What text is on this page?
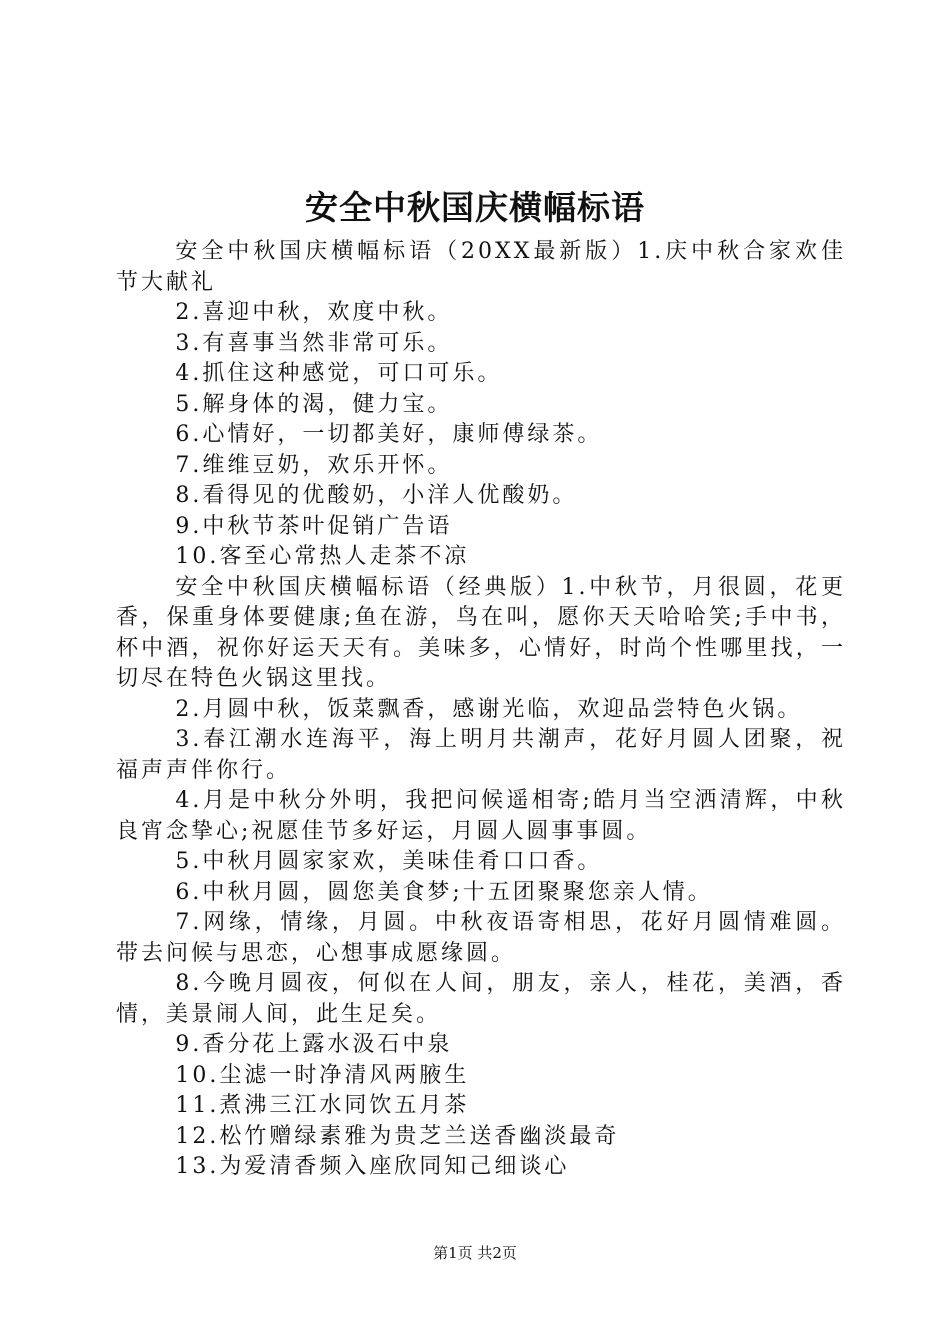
安全中秋国庆横幅标语

安全中秋国庆横幅标语（20XX最新版）1.庆中秋合家欢佳节大献礼

2.喜迎中秋，欢度中秋。

3.有喜事当然非常可乐。

4.抓住这种感觉，可口可乐。

5.解身体的渴，健力宝。

6.心情好，一切都美好，康师傅绿茶。

7.维维豆奶，欢乐开怀。

8.看得见的优酸奶，小洋人优酸奶。

9.中秋节茶叶促销广告语

10.客至心常热人走茶不凉

安全中秋国庆横幅标语（经典版）1.中秋节，月很圆，花更香，保重身体要健康;鱼在游，鸟在叫，愿你天天哈哈笑;手中书，杯中酒，祝你好运天天有。美味多，心情好，时尚个性哪里找，一切尽在特色火锅这里找。

2.月圆中秋，饭菜飘香，感谢光临，欢迎品尝特色火锅。

3.春江潮水连海平，海上明月共潮声，花好月圆人团聚，祝福声声伴你行。

4.月是中秋分外明，我把问候遥相寄;皓月当空洒清辉，中秋良宵念挚心;祝愿佳节多好运，月圆人圆事事圆。

5.中秋月圆家家欢，美味佳肴口口香。

6.中秋月圆，圆您美食梦;十五团聚聚您亲人情。

7.网缘，情缘，月圆。中秋夜语寄相思，花好月圆情难圆。带去问候与思恋，心想事成愿缘圆。

8.今晚月圆夜，何似在人间，朋友，亲人，桂花，美酒，香情，美景闹人间，此生足矣。

9.香分花上露水汲石中泉

10.尘滤一时净清风两腋生

11.煮沸三江水同饮五月茶

12.松竹赠绿素雅为贵芝兰送香幽淡最奇

13.为爱清香频入座欣同知己细谈心

第1页 共2页
